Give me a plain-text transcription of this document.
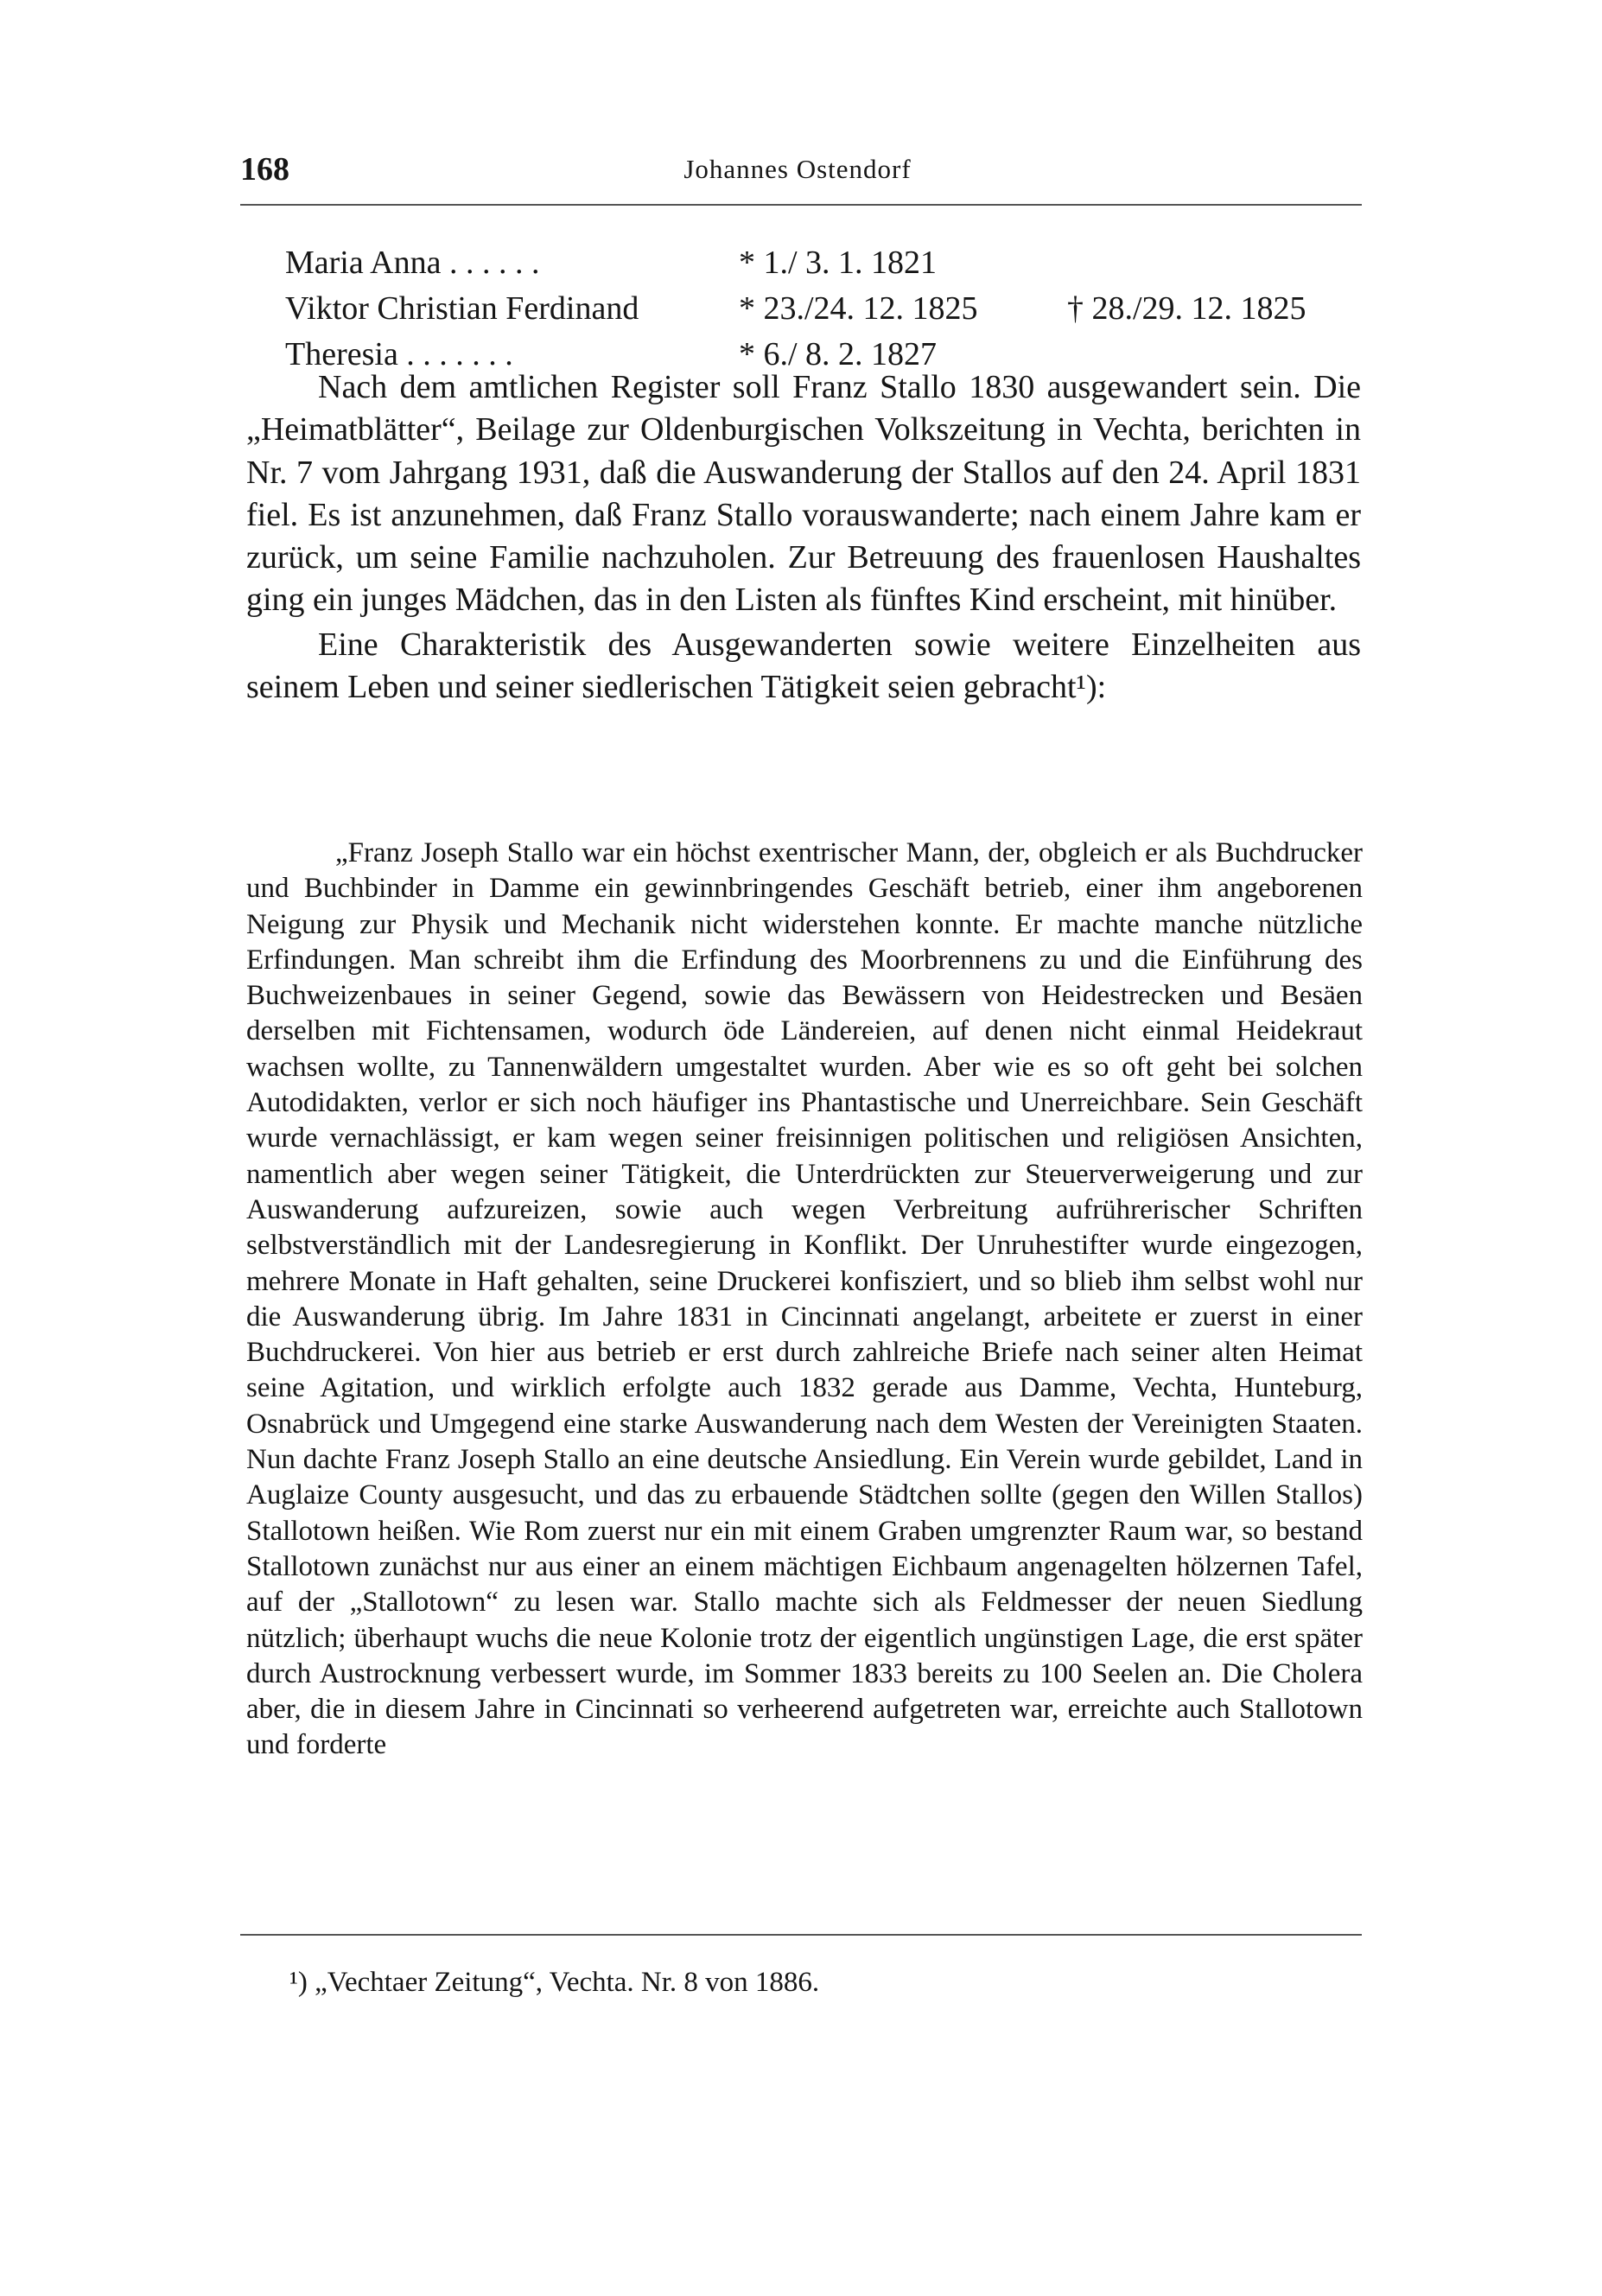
168	Johannes Ostendorf
Maria Anna . . . . . .	* 1./ 3. 1. 1821
Viktor Christian Ferdinand	* 23./24. 12. 1825	† 28./29. 12. 1825
Theresia . . . . . . .	* 6./ 8. 2. 1827

Nach dem amtlichen Register soll Franz Stallo 1830 ausgewandert sein. Die „Heimatblätter“, Beilage zur Oldenburgischen Volkszeitung in Vechta, berichten in Nr. 7 vom Jahrgang 1931, daß die Auswanderung der Stallos auf den 24. April 1831 fiel. Es ist anzunehmen, daß Franz Stallo vorauswanderte; nach einem Jahre kam er zurück, um seine Familie nachzuholen. Zur Betreuung des frauenlosen Haushaltes ging ein junges Mädchen, das in den Listen als fünftes Kind erscheint, mit hinüber.

Eine Charakteristik des Ausgewanderten sowie weitere Einzelheiten aus seinem Leben und seiner siedlerischen Tätigkeit seien gebracht¹):

„Franz Joseph Stallo war ein höchst exentrischer Mann, der, obgleich er als Buchdrucker und Buchbinder in Damme ein gewinnbringendes Geschäft betrieb, einer ihm angeborenen Neigung zur Physik und Mechanik nicht widerstehen konnte. Er machte manche nützliche Erfindungen. Man schreibt ihm die Erfindung des Moorbrennens zu und die Einführung des Buchweizenbaues in seiner Gegend, sowie das Bewässern von Heidestrecken und Besäen derselben mit Fichtensamen, wodurch öde Ländereien, auf denen nicht einmal Heidekraut wachsen wollte, zu Tannenwäldern umgestaltet wurden. Aber wie es so oft geht bei solchen Autodidakten, verlor er sich noch häufiger ins Phantastische und Unerreichbare. Sein Geschäft wurde vernachlässigt, er kam wegen seiner freisinnigen politischen und religiösen Ansichten, namentlich aber wegen seiner Tätigkeit, die Unterdrückten zur Steuerverweigerung und zur Auswanderung aufzureizen, sowie auch wegen Verbreitung aufrührerischer Schriften selbstverständlich mit der Landesregierung in Konflikt. Der Unruhestifter wurde eingezogen, mehrere Monate in Haft gehalten, seine Druckerei konfisziert, und so blieb ihm selbst wohl nur die Auswanderung übrig. Im Jahre 1831 in Cincinnati angelangt, arbeitete er zuerst in einer Buchdruckerei. Von hier aus betrieb er erst durch zahlreiche Briefe nach seiner alten Heimat seine Agitation, und wirklich erfolgte auch 1832 gerade aus Damme, Vechta, Hunteburg, Osnabrück und Umgegend eine starke Auswanderung nach dem Westen der Vereinigten Staaten. Nun dachte Franz Joseph Stallo an eine deutsche Ansiedlung. Ein Verein wurde gebildet, Land in Auglaize County ausgesucht, und das zu erbauende Städtchen sollte (gegen den Willen Stallos) Stallotown heißen. Wie Rom zuerst nur ein mit einem Graben umgrenzter Raum war, so bestand Stallotown zunächst nur aus einer an einem mächtigen Eichbaum angenagelten hölzernen Tafel, auf der „Stallotown“ zu lesen war. Stallo machte sich als Feldmesser der neuen Siedlung nützlich; überhaupt wuchs die neue Kolonie trotz der eigentlich ungünstigen Lage, die erst später durch Austrocknung verbessert wurde, im Sommer 1833 bereits zu 100 Seelen an. Die Cholera aber, die in diesem Jahre in Cincinnati so verheerend aufgetreten war, erreichte auch Stallotown und forderte

¹) „Vechtaer Zeitung“, Vechta. Nr. 8 von 1886.
